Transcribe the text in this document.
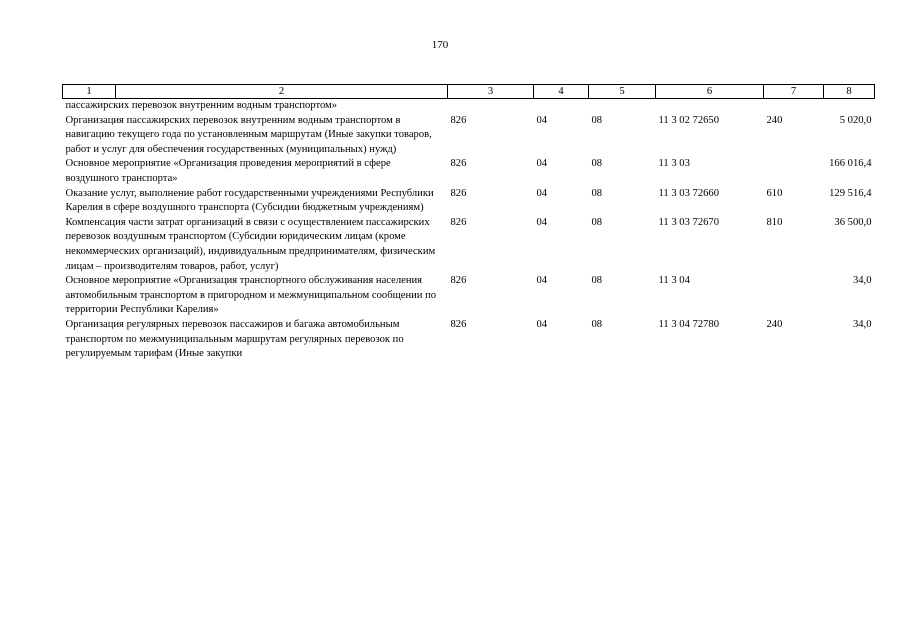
170
1	2	3	4	5	6	7	8
пассажирских перевозок внутренним водным транспортом»							
Организация пассажирских перевозок внутренним водным транспортом в навигацию текущего года по установленным маршрутам (Иные закупки товаров, работ и услуг для обеспечения государственных (муниципальных) нужд)		826	04	08	11 3 02 72650	240	5 020,0
Основное мероприятие «Организация проведения мероприятий в сфере воздушного транспорта»		826	04	08	11 3 03		166 016,4
Оказание услуг, выполнение работ государственными учреждениями Республики Карелия в сфере воздушного транспорта (Субсидии бюджетным учреждениям)		826	04	08	11 3 03 72660	610	129 516,4
Компенсация части затрат организаций в связи с осуществлением пассажирских перевозок воздушным транспортом (Субсидии юридическим лицам (кроме некоммерческих организаций), индивидуальным предпринимателям, физическим лицам – производителям товаров, работ, услуг)		826	04	08	11 3 03 72670	810	36 500,0
Основное мероприятие «Организация транспортного обслуживания населения автомобильным транспортом в пригородном и межмуниципальном сообщении по территории Республики Карелия»		826	04	08	11 3 04		34,0
Организация регулярных перевозок пассажиров и багажа автомобильным транспортом по межмуниципальным маршрутам регулярных перевозок по регулируемым тарифам (Иные закупки		826	04	08	11 3 04 72780	240	34,0
